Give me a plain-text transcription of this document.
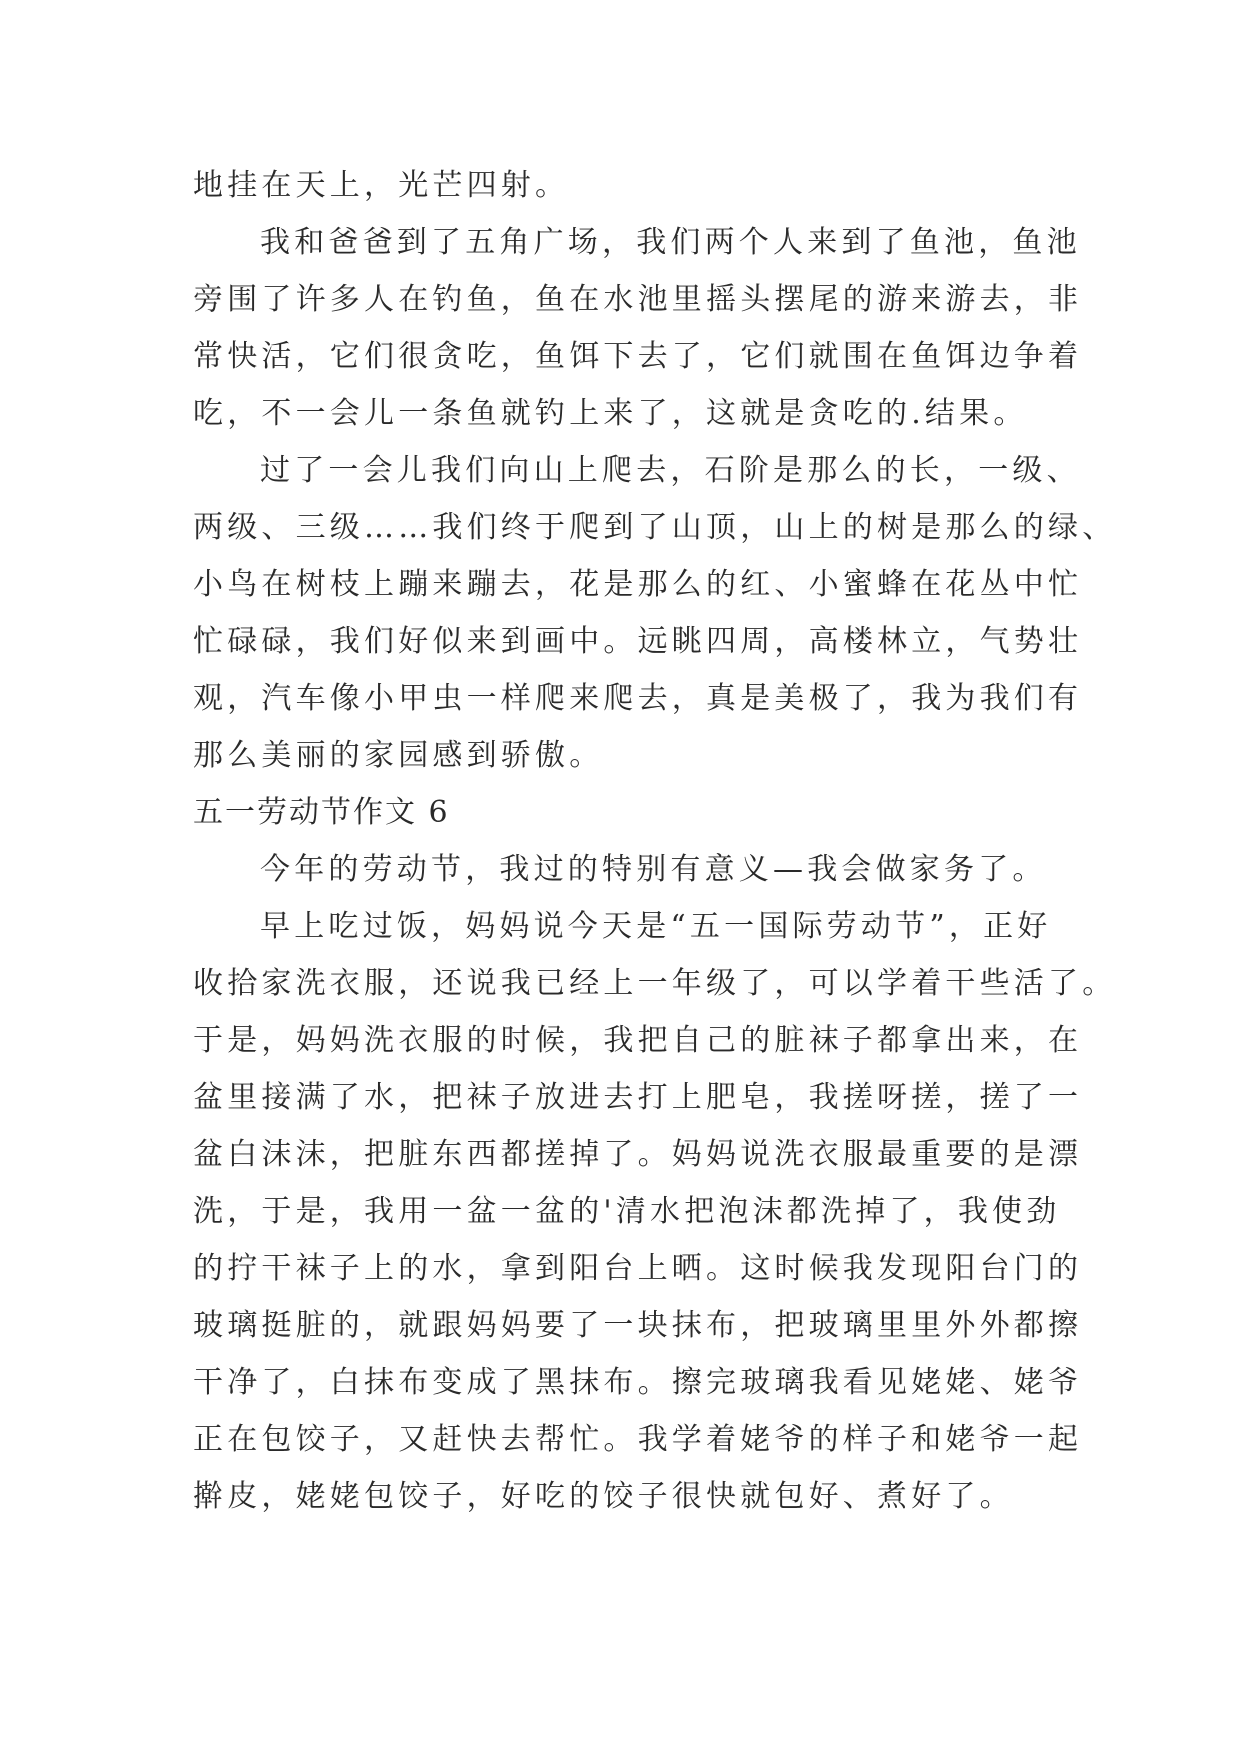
地挂在天上，光芒四射。
我和爸爸到了五角广场，我们两个人来到了鱼池，鱼池
旁围了许多人在钓鱼，鱼在水池里摇头摆尾的游来游去，非
常快活，它们很贪吃，鱼饵下去了，它们就围在鱼饵边争着
吃，不一会儿一条鱼就钓上来了，这就是贪吃的.结果。
过了一会儿我们向山上爬去，石阶是那么的长，一级、
两级、三级……我们终于爬到了山顶，山上的树是那么的绿、
小鸟在树枝上蹦来蹦去，花是那么的红、小蜜蜂在花丛中忙
忙碌碌，我们好似来到画中。远眺四周，高楼林立，气势壮
观，汽车像小甲虫一样爬来爬去，真是美极了，我为我们有
那么美丽的家园感到骄傲。
五一劳动节作文 6
今年的劳动节，我过的特别有意义—我会做家务了。
早上吃过饭，妈妈说今天是“五一国际劳动节”，正好
收拾家洗衣服，还说我已经上一年级了，可以学着干些活了。
于是，妈妈洗衣服的时候，我把自己的脏袜子都拿出来，在
盆里接满了水，把袜子放进去打上肥皂，我搓呀搓，搓了一
盆白沫沫，把脏东西都搓掉了。妈妈说洗衣服最重要的是漂
洗，于是，我用一盆一盆的'清水把泡沫都洗掉了，我使劲
的拧干袜子上的水，拿到阳台上晒。这时候我发现阳台门的
玻璃挺脏的，就跟妈妈要了一块抹布，把玻璃里里外外都擦
干净了，白抹布变成了黑抹布。擦完玻璃我看见姥姥、姥爷
正在包饺子，又赶快去帮忙。我学着姥爷的样子和姥爷一起
擀皮，姥姥包饺子，好吃的饺子很快就包好、煮好了。
